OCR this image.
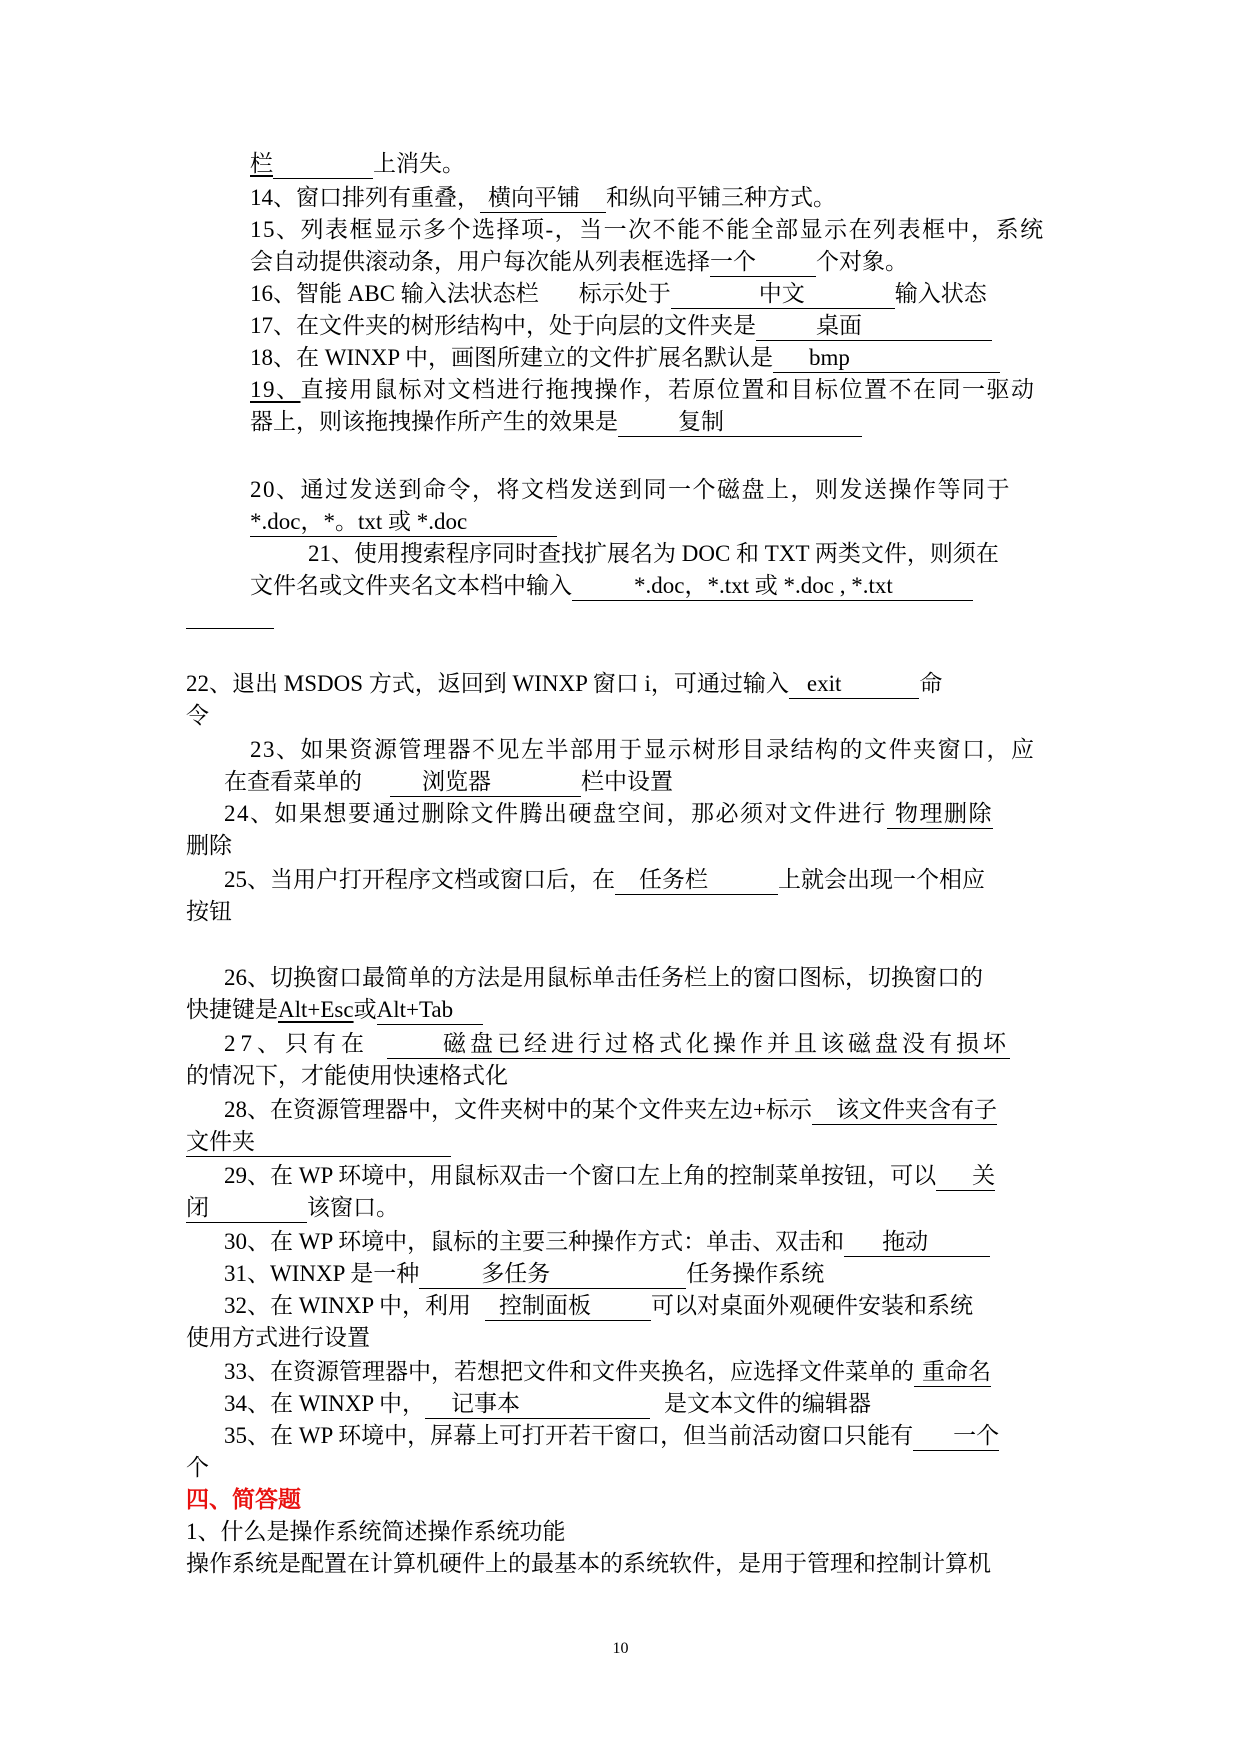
栏	上消失。
14、窗口排列有重叠， 横向平铺 和纵向平铺三种方式。
15、列表框显示多个选择项-，当一次不能不能全部显示在列表框中，系统
会自动提供滚动条，用户每次能从列表框选择一个	个对象。
16、智能 ABC 输入法状态栏 标示处于	中文	输入状态
17、在文件夹的树形结构中，处于向层的文件夹是	桌面
18、在 WINXP 中，画图所建立的文件扩展名默认是 bmp
19、直接用鼠标对文档进行拖拽操作，若原位置和目标位置不在同一驱动
器上，则该拖拽操作所产生的效果是	复制
20、通过发送到命令，将文档发送到同一个磁盘上，则发送操作等同于
*.doc，*。txt 或 *.doc
21、使用搜索程序同时查找扩展名为 DOC 和 TXT 两类文件，则须在
文件名或文件夹名文本档中输入	*.doc，*.txt 或 *.doc , *.txt
22、退出 MSDOS 方式，返回到 WINXP 窗口 i，可通过输入 exit	命
令
23、如果资源管理器不见左半部用于显示树形目录结构的文件夹窗口，应
在查看菜单的	浏览器	栏中设置
24、如果想要通过删除文件腾出硬盘空间，那必须对文件进行 物理删除
删除
25、当用户打开程序文档或窗口后，在 任务栏	上就会出现一个相应
按钮
26、切换窗口最简单的方法是用鼠标单击任务栏上的窗口图标，切换窗口的
快捷键是Alt+Esc或Alt+Tab
27、只有在	磁盘已经进行过格式化操作并且该磁盘没有损坏
的情况下，才能使用快速格式化
28、在资源管理器中，文件夹树中的某个文件夹左边+标示 该文件夹含有子
文件夹
29、在 WP 环境中，用鼠标双击一个窗口左上角的控制菜单按钮，可以 关
闭	该窗口。
30、在 WP 环境中，鼠标的主要三种操作方式：单击、双击和 拖动
31、WINXP 是一种	多任务	任务操作系统
32、在 WINXP 中，利用 控制面板	可以对桌面外观硬件安装和系统
使用方式进行设置
33、在资源管理器中，若想把文件和文件夹换名，应选择文件菜单的 重命名
34、在 WINXP 中， 记事本	是文本文件的编辑器
35、在 WP 环境中，屏幕上可打开若干窗口，但当前活动窗口只能有 一个
个
四、简答题
1、什么是操作系统简述操作系统功能
操作系统是配置在计算机硬件上的最基本的系统软件，是用于管理和控制计算机
10
